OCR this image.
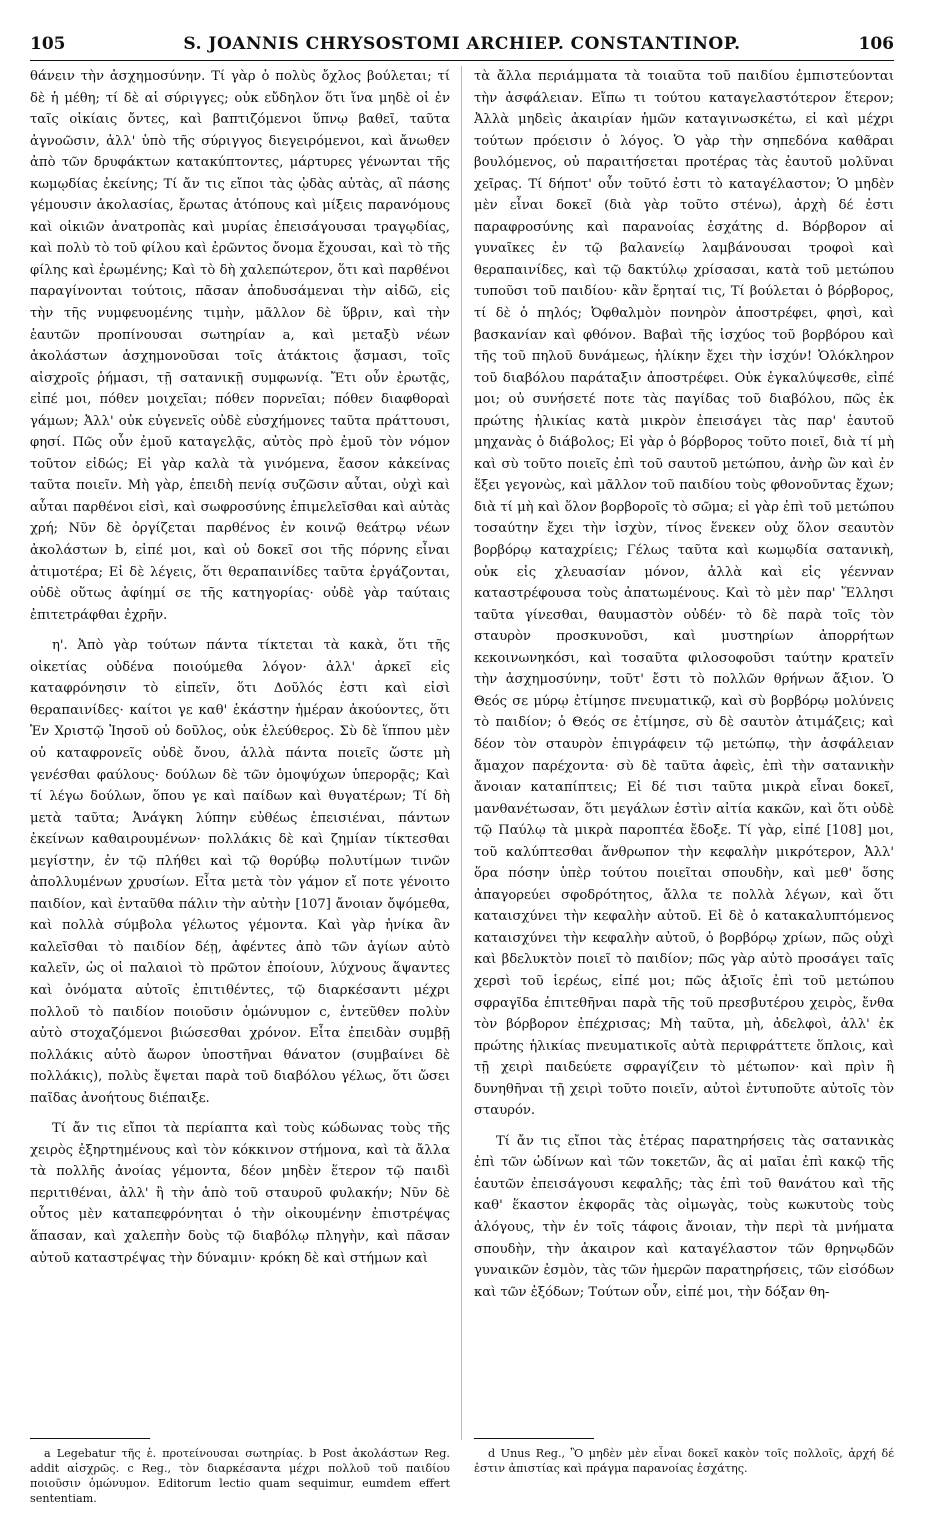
105	S. JOANNIS CHRYSOSTOMI ARCHIEP. CONSTANTINOP.	106

θάνειν τὴν ἀσχημοσύνην. Τί γὰρ ὁ πολὺς ὄχλος βούλεται; τί δὲ ἡ μέθη; τί δὲ αἱ σύριγγες; οὐκ εὔδηλον ὅτι ἵνα μηδὲ οἱ ἐν ταῖς οἰκίαις ὄντες, καὶ βαπτιζόμενοι ὕπνῳ βαθεῖ, ταῦτα ἀγνοῶσιν, ἀλλ' ὑπὸ τῆς σύριγγος διεγειρόμενοι, καὶ ἄνωθεν ἀπὸ τῶν δρυφάκτων κατακύπτοντες, μάρτυρες γένωνται τῆς κωμῳδίας ἐκείνης; Τί ἄν τις εἴποι τὰς ᾠδὰς αὐτὰς, αἳ πάσης γέμουσιν ἀκολασίας, ἔρωτας ἀτόπους καὶ μίξεις παρανόμους καὶ οἰκιῶν ἀνατροπὰς καὶ μυρίας ἐπεισάγουσαι τραγῳδίας, καὶ πολὺ τὸ τοῦ φίλου καὶ ἐρῶντος ὄνομα ἔχουσαι, καὶ τὸ τῆς φίλης καὶ ἐρωμένης; Καὶ τὸ δὴ χαλεπώτερον, ὅτι καὶ παρθένοι παραγίνονται τούτοις, πᾶσαν ἀποδυσάμεναι τὴν αἰδῶ, εἰς τὴν τῆς νυμφευομένης τιμὴν, μᾶλλον δὲ ὕβριν, καὶ τὴν ἑαυτῶν προπίνουσαι σωτηρίαν a, καὶ μεταξὺ νέων ἀκολάστων ἀσχημονοῦσαι τοῖς ἀτάκτοις ᾄσμασι, τοῖς αἰσχροῖς ῥήμασι, τῇ σατανικῇ συμφωνίᾳ. Ἔτι οὖν ἐρωτᾷς, εἰπέ μοι, πόθεν μοιχεῖαι; πόθεν πορνεῖαι; πόθεν διαφθοραὶ γάμων; Ἀλλ' οὐκ εὐγενεῖς οὐδὲ εὐσχήμονες ταῦτα πράττουσι, φησί. Πῶς οὖν ἐμοῦ καταγελᾷς, αὐτὸς πρὸ ἐμοῦ τὸν νόμον τοῦτον εἰδώς; Εἰ γὰρ καλὰ τὰ γινόμενα, ἔασον κἀκείνας ταῦτα ποιεῖν. Μὴ γὰρ, ἐπειδὴ πενίᾳ συζῶσιν αὗται, οὐχὶ καὶ αὗται παρθένοι εἰσὶ, καὶ σωφροσύνης ἐπιμελεῖσθαι καὶ αὐτὰς χρή; Νῦν δὲ ὀργίζεται παρθένος ἐν κοινῷ θεάτρῳ νέων ἀκολάστων b, εἰπέ μοι, καὶ οὐ δοκεῖ σοι τῆς πόρνης εἶναι ἀτιμοτέρα; Εἰ δὲ λέγεις, ὅτι θεραπαινίδες ταῦτα ἐργάζονται, οὐδὲ οὕτως ἀφίημί σε τῆς κατηγορίας· οὐδὲ γὰρ ταύταις ἐπιτετράφθαι ἐχρῆν.

η'. Ἀπὸ γὰρ τούτων πάντα τίκτεται τὰ κακὰ, ὅτι τῆς οἰκετίας οὐδένα ποιούμεθα λόγον· ἀλλ' ἀρκεῖ εἰς καταφρόνησιν τὸ εἰπεῖν, ὅτι Δοῦλός ἐστι καὶ εἰσὶ θεραπαινίδες· καίτοι γε καθ' ἑκάστην ἡμέραν ἀκούοντες, ὅτι Ἐν Χριστῷ Ἰησοῦ οὐ δοῦλος, οὐκ ἐλεύθερος. Σὺ δὲ ἵππου μὲν οὐ καταφρονεῖς οὐδὲ ὄνου, ἀλλὰ πάντα ποιεῖς ὥστε μὴ γενέσθαι φαύλους· δούλων δὲ τῶν ὁμοψύχων ὑπερορᾷς; Καὶ τί λέγω δούλων, ὅπου γε καὶ παίδων καὶ θυγατέρων; Τί δὴ μετὰ ταῦτα; Ἀνάγκη λύπην εὐθέως ἐπεισιέναι, πάντων ἐκείνων καθαιρουμένων· πολλάκις δὲ καὶ ζημίαν τίκτεσθαι μεγίστην, ἐν τῷ πλήθει καὶ τῷ θορύβῳ πολυτίμων τινῶν ἀπολλυμένων χρυσίων. Εἶτα μετὰ τὸν γάμον εἴ ποτε γένοιτο παιδίον, καὶ ἐνταῦθα πάλιν τὴν αὐτὴν [107] ἄνοιαν ὄψόμεθα, καὶ πολλὰ σύμβολα γέλωτος γέμοντα. Καὶ γὰρ ἡνίκα ἂν καλεῖσθαι τὸ παιδίον δέῃ, ἀφέντες ἀπὸ τῶν ἁγίων αὐτὸ καλεῖν, ὡς οἱ παλαιοὶ τὸ πρῶτον ἐποίουν, λύχνους ἅψαντες καὶ ὀνόματα αὐτοῖς ἐπιτιθέντες, τῷ διαρκέσαντι μέχρι πολλοῦ τὸ παιδίον ποιοῦσιν ὁμώνυμον c, ἐντεῦθεν πολὺν αὐτὸ στοχαζόμενοι βιώσεσθαι χρόνον. Εἶτα ἐπειδὰν συμβῇ πολλάκις αὐτὸ ἄωρον ὑποστῆναι θάνατον (συμβαίνει δὲ πολλάκις), πολὺς ἔψεται παρὰ τοῦ διαβόλου γέλως, ὅτι ὥσει παῖδας ἀνοήτους διέπαιξε.

Τί ἄν τις εἴποι τὰ περίαπτα καὶ τοὺς κώδωνας τοὺς τῆς χειρὸς ἐξηρτημένους καὶ τὸν κόκκινον στήμονα, καὶ τὰ ἄλλα τὰ πολλῆς ἀνοίας γέμοντα, δέον μηδὲν ἕτερον τῷ παιδὶ περιτιθέναι, ἀλλ' ἢ τὴν ἀπὸ τοῦ σταυροῦ φυλακήν; Νῦν δὲ οὗτος μὲν καταπεφρόνηται ὁ τὴν οἰκουμένην ἐπιστρέψας ἅπασαν, καὶ χαλεπὴν δοὺς τῷ διαβόλῳ πληγὴν, καὶ πᾶσαν αὐτοῦ καταστρέψας τὴν δύναμιν· κρόκη δὲ καὶ στήμων καὶ

τὰ ἄλλα περιάμματα τὰ τοιαῦτα τοῦ παιδίου ἐμπιστεύονται τὴν ἀσφάλειαν. Εἴπω τι τούτου καταγελαστότερον ἕτερον; Ἀλλὰ μηδεὶς ἀκαιρίαν ἡμῶν καταγινωσκέτω, εἰ καὶ μέχρι τούτων πρόεισιν ὁ λόγος. Ὁ γὰρ τὴν σηπεδόνα καθᾶραι βουλόμενος, οὐ παραιτήσεται προτέρας τὰς ἑαυτοῦ μολῦναι χεῖρας. Τί δήποτ' οὖν τοῦτό ἐστι τὸ καταγέλαστον; Ὁ μηδὲν μὲν εἶναι δοκεῖ (διὰ γὰρ τοῦτο στένω), ἀρχὴ δέ ἐστι παραφροσύνης καὶ παρανοίας ἐσχάτης d. Βόρβορον αἱ γυναῖκες ἐν τῷ βαλανείῳ λαμβάνουσαι τροφοὶ καὶ θεραπαινίδες, καὶ τῷ δακτύλῳ χρίσασαι, κατὰ τοῦ μετώπου τυποῦσι τοῦ παιδίου· κἂν ἔρηταί τις, Τί βούλεται ὁ βόρβορος, τί δὲ ὁ πηλός; Ὀφθαλμὸν πονηρὸν ἀποστρέφει, φησὶ, καὶ βασκανίαν καὶ φθόνον. Βαβαὶ τῆς ἰσχύος τοῦ βορβόρου καὶ τῆς τοῦ πηλοῦ δυνάμεως, ἡλίκην ἔχει τὴν ἰσχύν! Ὁλόκληρον τοῦ διαβόλου παράταξιν ἀποστρέφει. Οὐκ ἐγκαλύψεσθε, εἰπέ μοι; οὐ συνήσετέ ποτε τὰς παγίδας τοῦ διαβόλου, πῶς ἐκ πρώτης ἡλικίας κατὰ μικρὸν ἐπεισάγει τὰς παρ' ἑαυτοῦ μηχανὰς ὁ διάβολος; Εἰ γὰρ ὁ βόρβορος τοῦτο ποιεῖ, διὰ τί μὴ καὶ σὺ τοῦτο ποιεῖς ἐπὶ τοῦ σαυτοῦ μετώπου, ἀνὴρ ὢν καὶ ἐν ἕξει γεγονὼς, καὶ μᾶλλον τοῦ παιδίου τοὺς φθονοῦντας ἔχων; διὰ τί μὴ καὶ ὅλον βορβοροῖς τὸ σῶμα; εἰ γὰρ ἐπὶ τοῦ μετώπου τοσαύτην ἔχει τὴν ἰσχὺν, τίνος ἕνεκεν οὐχ ὅλον σεαυτὸν βορβόρῳ καταχρίεις; Γέλως ταῦτα καὶ κωμῳδία σατανικὴ, οὐκ εἰς χλευασίαν μόνον, ἀλλὰ καὶ εἰς γέενναν καταστρέφουσα τοὺς ἀπατωμένους. Καὶ τὸ μὲν παρ' Ἕλλησι ταῦτα γίνεσθαι, θαυμαστὸν οὐδέν· τὸ δὲ παρὰ τοῖς τὸν σταυρὸν προσκυνοῦσι, καὶ μυστηρίων ἀπορρήτων κεκοινωνηκόσι, καὶ τοσαῦτα φιλοσοφοῦσι ταύτην κρατεῖν τὴν ἀσχημοσύνην, τοῦτ' ἔστι τὸ πολλῶν θρήνων ἄξιον. Ὁ Θεός σε μύρῳ ἐτίμησε πνευματικῷ, καὶ σὺ βορβόρῳ μολύνεις τὸ παιδίον; ὁ Θεός σε ἐτίμησε, σὺ δὲ σαυτὸν ἀτιμάζεις; καὶ δέον τὸν σταυρὸν ἐπιγράφειν τῷ μετώπῳ, τὴν ἀσφάλειαν ἄμαχον παρέχοντα· σὺ δὲ ταῦτα ἀφεὶς, ἐπὶ τὴν σατανικὴν ἄνοιαν καταπίπτεις; Εἰ δέ τισι ταῦτα μικρὰ εἶναι δοκεῖ, μανθανέτωσαν, ὅτι μεγάλων ἐστὶν αἰτία κακῶν, καὶ ὅτι οὐδὲ τῷ Παύλῳ τὰ μικρὰ παροπτέα ἔδοξε. Τί γὰρ, εἰπέ [108] μοι, τοῦ καλύπτεσθαι ἄνθρωπον τὴν κεφαλὴν μικρότερον, Ἀλλ' ὅρα πόσην ὑπὲρ τούτου ποιεῖται σπουδὴν, καὶ μεθ' ὅσης ἀπαγορεύει σφοδρότητος, ἄλλα τε πολλὰ λέγων, καὶ ὅτι καταισχύνει τὴν κεφαλὴν αὐτοῦ. Εἰ δὲ ὁ κατακαλυπτόμενος καταισχύνει τὴν κεφαλὴν αὐτοῦ, ὁ βορβόρῳ χρίων, πῶς οὐχὶ καὶ βδελυκτὸν ποιεῖ τὸ παιδίον; πῶς γὰρ αὐτὸ προσάγει ταῖς χερσὶ τοῦ ἱερέως, εἰπέ μοι; πῶς ἀξιοῖς ἐπὶ τοῦ μετώπου σφραγῖδα ἐπιτεθῆναι παρὰ τῆς τοῦ πρεσβυτέρου χειρὸς, ἔνθα τὸν βόρβορον ἐπέχρισας; Μὴ ταῦτα, μὴ, ἀδελφοὶ, ἀλλ' ἐκ πρώτης ἡλικίας πνευματικοῖς αὐτὰ περιφράττετε ὅπλοις, καὶ τῇ χειρὶ παιδεύετε σφραγίζειν τὸ μέτωπον· καὶ πρὶν ἢ δυνηθῆναι τῇ χειρὶ τοῦτο ποιεῖν, αὐτοὶ ἐντυποῦτε αὐτοῖς τὸν σταυρόν.

Τί ἄν τις εἴποι τὰς ἑτέρας παρατηρήσεις τὰς σατανικὰς ἐπὶ τῶν ὠδίνων καὶ τῶν τοκετῶν, ἃς αἱ μαῖαι ἐπὶ κακῷ τῆς ἑαυτῶν ἐπεισάγουσι κεφαλῆς; τὰς ἐπὶ τοῦ θανάτου καὶ τῆς καθ' ἕκαστον ἐκφορᾶς τὰς οἰμωγὰς, τοὺς κωκυτοὺς τοὺς ἀλόγους, τὴν ἐν τοῖς τάφοις ἄνοιαν, τὴν περὶ τὰ μνήματα σπουδὴν, τὴν ἀκαιρον καὶ καταγέλαστον τῶν θρηνῳδῶν γυναικῶν ἐσμὸν, τὰς τῶν ἡμερῶν παρατηρήσεις, τῶν εἰσόδων καὶ τῶν ἐξόδων; Τούτων οὖν, εἰπέ μοι, τὴν δόξαν θη-

a Legebatur τῆς ἑ. προτείνουσαι σωτηρίας. b Post ἀκολάστων Reg. addit αἰσχρῶς. c Reg., τὸν διαρκέσαντα μέχρι πολλοῦ τοῦ παιδίου ποιοῦσιν ὁμώνυμον. Editorum lectio quam sequimur, eumdem effert sententiam.

d Unus Reg., Ὃ μηδὲν μὲν εἶναι δοκεῖ κακὸν τοῖς πολλοῖς, ἀρχή δέ ἐστιν ἀπιστίας καὶ πράγμα παρανοίας ἐσχάτης.
